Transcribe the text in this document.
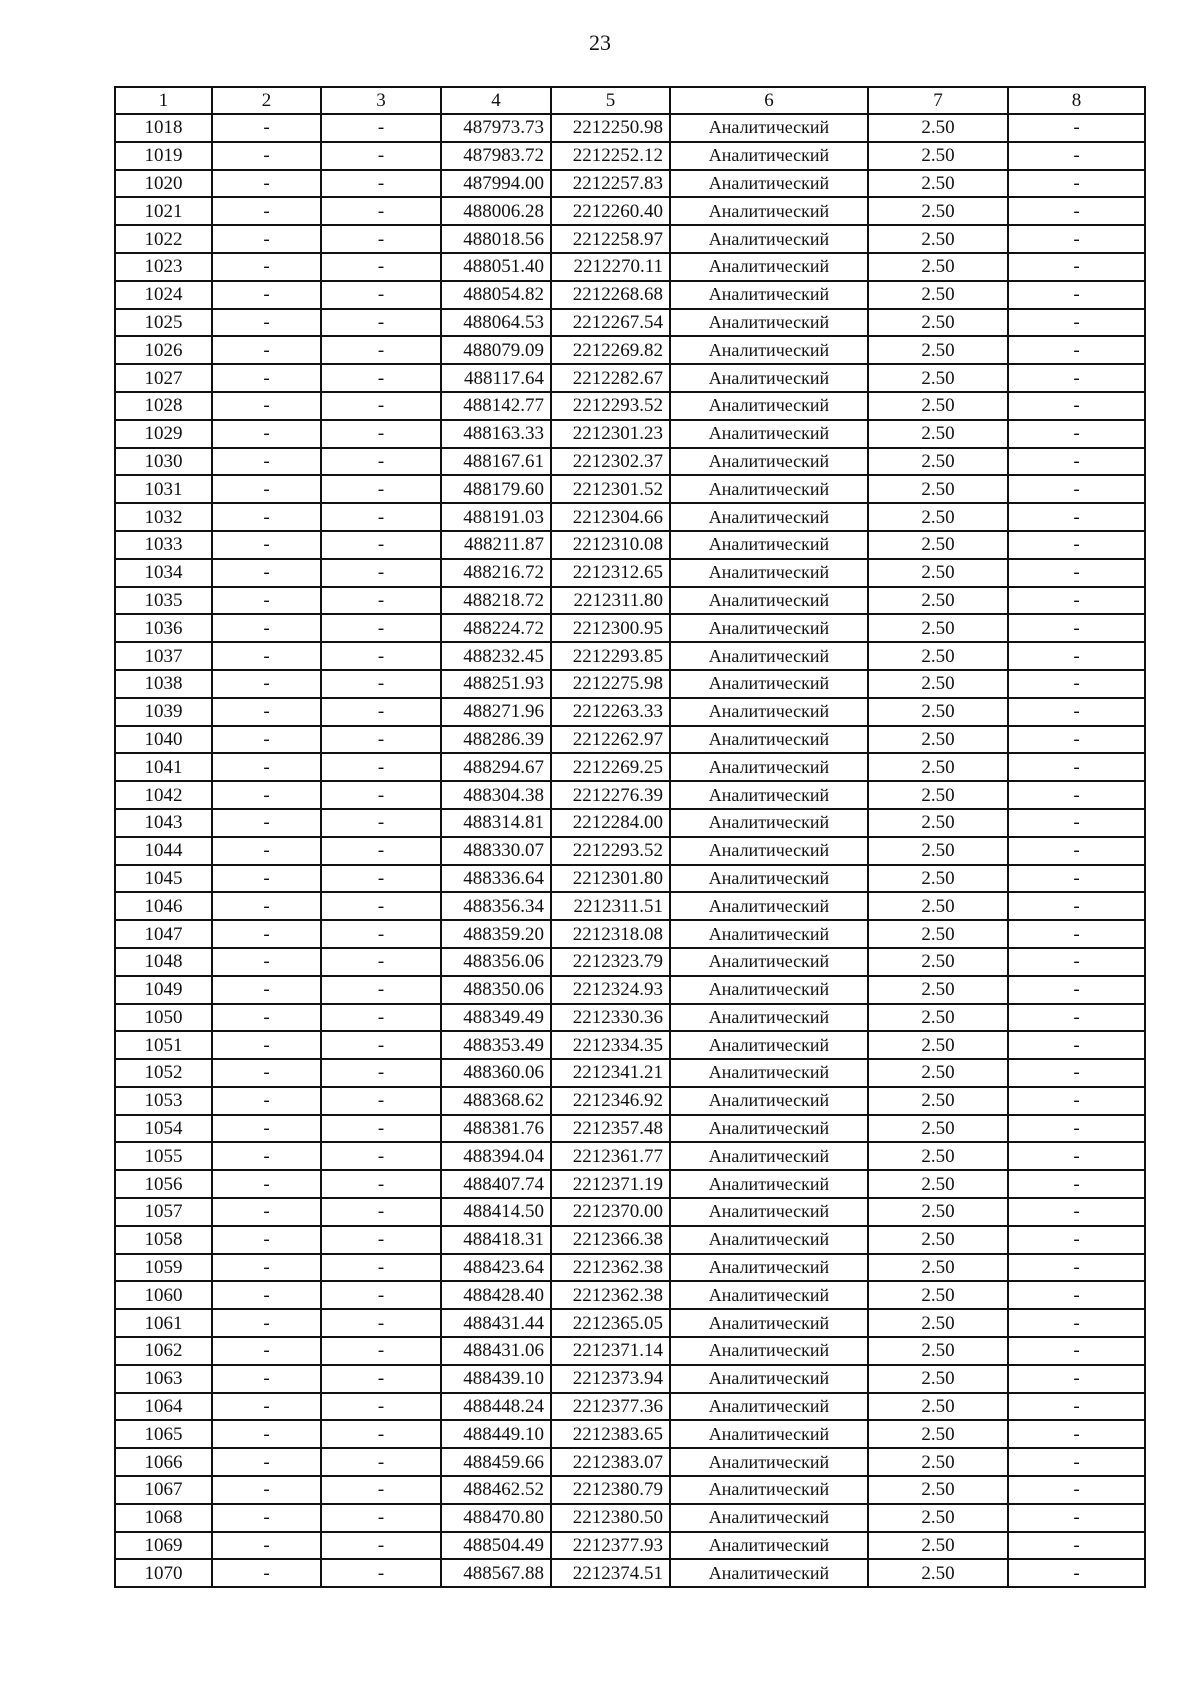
23
1	2	3	4	5	6	7	8
1018	-	-	487973.73	2212250.98	Аналитический	2.50	-
1019	-	-	487983.72	2212252.12	Аналитический	2.50	-
1020	-	-	487994.00	2212257.83	Аналитический	2.50	-
1021	-	-	488006.28	2212260.40	Аналитический	2.50	-
1022	-	-	488018.56	2212258.97	Аналитический	2.50	-
1023	-	-	488051.40	2212270.11	Аналитический	2.50	-
1024	-	-	488054.82	2212268.68	Аналитический	2.50	-
1025	-	-	488064.53	2212267.54	Аналитический	2.50	-
1026	-	-	488079.09	2212269.82	Аналитический	2.50	-
1027	-	-	488117.64	2212282.67	Аналитический	2.50	-
1028	-	-	488142.77	2212293.52	Аналитический	2.50	-
1029	-	-	488163.33	2212301.23	Аналитический	2.50	-
1030	-	-	488167.61	2212302.37	Аналитический	2.50	-
1031	-	-	488179.60	2212301.52	Аналитический	2.50	-
1032	-	-	488191.03	2212304.66	Аналитический	2.50	-
1033	-	-	488211.87	2212310.08	Аналитический	2.50	-
1034	-	-	488216.72	2212312.65	Аналитический	2.50	-
1035	-	-	488218.72	2212311.80	Аналитический	2.50	-
1036	-	-	488224.72	2212300.95	Аналитический	2.50	-
1037	-	-	488232.45	2212293.85	Аналитический	2.50	-
1038	-	-	488251.93	2212275.98	Аналитический	2.50	-
1039	-	-	488271.96	2212263.33	Аналитический	2.50	-
1040	-	-	488286.39	2212262.97	Аналитический	2.50	-
1041	-	-	488294.67	2212269.25	Аналитический	2.50	-
1042	-	-	488304.38	2212276.39	Аналитический	2.50	-
1043	-	-	488314.81	2212284.00	Аналитический	2.50	-
1044	-	-	488330.07	2212293.52	Аналитический	2.50	-
1045	-	-	488336.64	2212301.80	Аналитический	2.50	-
1046	-	-	488356.34	2212311.51	Аналитический	2.50	-
1047	-	-	488359.20	2212318.08	Аналитический	2.50	-
1048	-	-	488356.06	2212323.79	Аналитический	2.50	-
1049	-	-	488350.06	2212324.93	Аналитический	2.50	-
1050	-	-	488349.49	2212330.36	Аналитический	2.50	-
1051	-	-	488353.49	2212334.35	Аналитический	2.50	-
1052	-	-	488360.06	2212341.21	Аналитический	2.50	-
1053	-	-	488368.62	2212346.92	Аналитический	2.50	-
1054	-	-	488381.76	2212357.48	Аналитический	2.50	-
1055	-	-	488394.04	2212361.77	Аналитический	2.50	-
1056	-	-	488407.74	2212371.19	Аналитический	2.50	-
1057	-	-	488414.50	2212370.00	Аналитический	2.50	-
1058	-	-	488418.31	2212366.38	Аналитический	2.50	-
1059	-	-	488423.64	2212362.38	Аналитический	2.50	-
1060	-	-	488428.40	2212362.38	Аналитический	2.50	-
1061	-	-	488431.44	2212365.05	Аналитический	2.50	-
1062	-	-	488431.06	2212371.14	Аналитический	2.50	-
1063	-	-	488439.10	2212373.94	Аналитический	2.50	-
1064	-	-	488448.24	2212377.36	Аналитический	2.50	-
1065	-	-	488449.10	2212383.65	Аналитический	2.50	-
1066	-	-	488459.66	2212383.07	Аналитический	2.50	-
1067	-	-	488462.52	2212380.79	Аналитический	2.50	-
1068	-	-	488470.80	2212380.50	Аналитический	2.50	-
1069	-	-	488504.49	2212377.93	Аналитический	2.50	-
1070	-	-	488567.88	2212374.51	Аналитический	2.50	-
